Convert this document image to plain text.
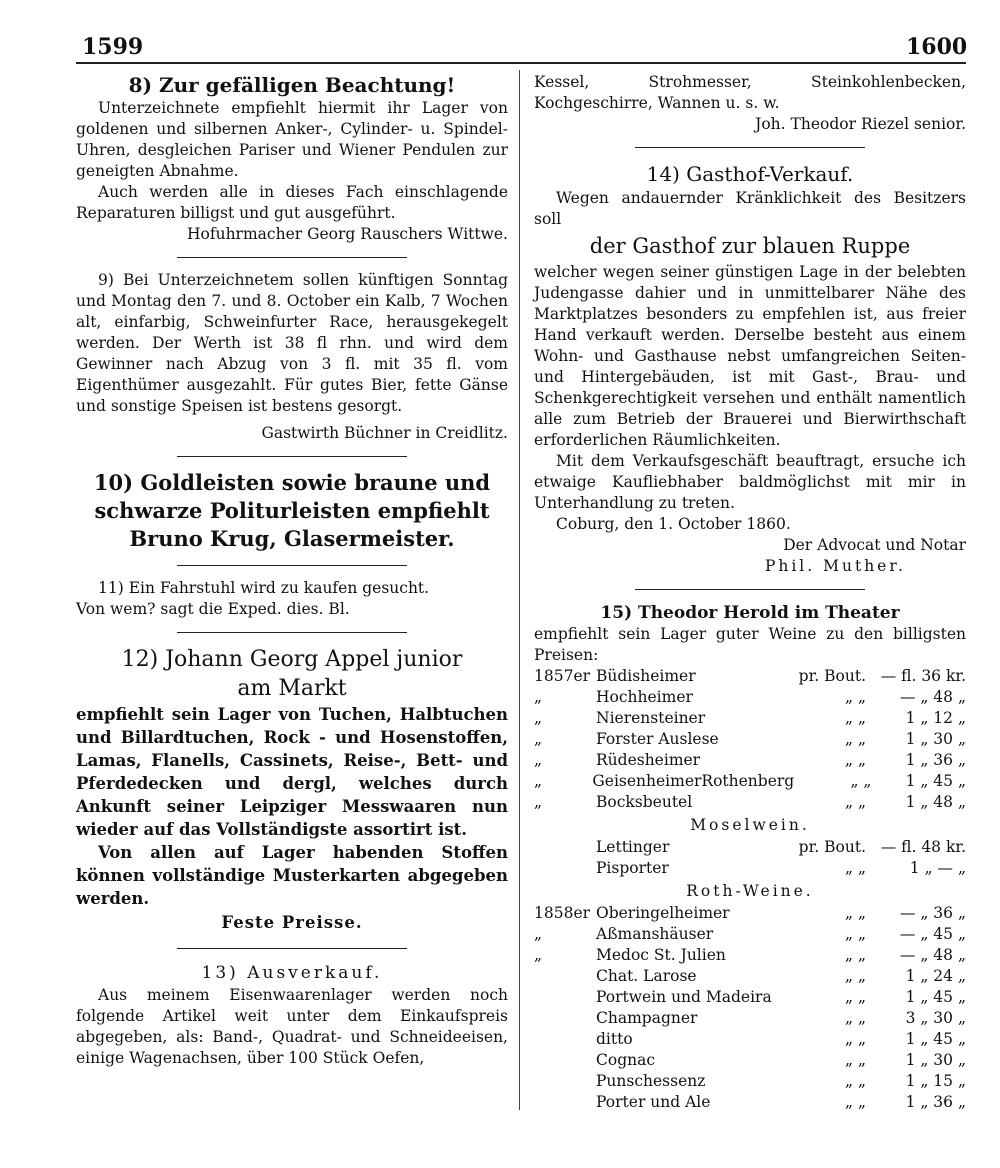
1599	1600

8) Zur gefälligen Beachtung!

Unterzeichnete empfiehlt hiermit ihr Lager von goldenen und silbernen Anker-, Cylinder- u. Spindel-Uhren, desgleichen Pariser und Wiener Pendulen zur geneigten Abnahme.

Auch werden alle in dieses Fach einschlagende Reparaturen billigst und gut ausgeführt.

Hofuhrmacher Georg Rauschers Wittwe.

9) Bei Unterzeichnetem sollen künftigen Sonntag und Montag den 7. und 8. October ein Kalb, 7 Wochen alt, einfarbig, Schweinfurter Race, herausgekegelt werden. Der Werth ist 38 fl rhn. und wird dem Gewinner nach Abzug von 3 fl. mit 35 fl. vom Eigenthümer ausgezahlt. Für gutes Bier, fette Gänse und sonstige Speisen ist bestens gesorgt.

Gastwirth Büchner in Creidlitz.

10) Goldleisten sowie braune und

schwarze Politurleisten empfiehlt

Bruno Krug, Glasermeister.

11) Ein Fahrstuhl wird zu kaufen gesucht.

Von wem? sagt die Exped. dies. Bl.

12) Johann Georg Appel junior

am Markt

empfiehlt sein Lager von Tuchen, Halbtuchen und Billardtuchen, Rock - und Hosenstoffen, Lamas, Flanells, Cassinets, Reise-, Bett- und Pferdedecken und dergl, welches durch Ankunft seiner Leipziger Messwaaren nun wieder auf das Vollständigste assortirt ist.

Von allen auf Lager habenden Stoffen können vollständige Musterkarten abgegeben werden.

Feste Preisse.

13) Ausverkauf.

Aus meinem Eisenwaarenlager werden noch folgende Artikel weit unter dem Einkaufspreis abgegeben, als: Band-, Quadrat- und Schneideeisen, einige Wagenachsen, über 100 Stück Oefen,

Kessel, Strohmesser, Steinkohlenbecken, Kochgeschirre, Wannen u. s. w.

Joh. Theodor Riezel senior.

14) Gasthof-Verkauf.

Wegen andauernder Kränklichkeit des Besitzers soll

der Gasthof zur blauen Ruppe

welcher wegen seiner günstigen Lage in der belebten Judengasse dahier und in unmittelbarer Nähe des Marktplatzes besonders zu empfehlen ist, aus freier Hand verkauft werden. Derselbe besteht aus einem Wohn- und Gasthause nebst umfangreichen Seiten- und Hintergebäuden, ist mit Gast-, Brau- und Schenkgerechtigkeit versehen und enthält namentlich alle zum Betrieb der Brauerei und Bierwirthschaft erforderlichen Räumlichkeiten.

Mit dem Verkaufsgeschäft beauftragt, ersuche ich etwaige Kaufliebhaber baldmöglichst mit mir in Unterhandlung zu treten.

Coburg, den 1. October 1860.

Der Advocat und Notar

Phil. Muther.

15) Theodor Herold im Theater

empfiehlt sein Lager guter Weine zu den billigsten Preisen:

1857er Büdisheimer	pr. Bout. — fl. 36 kr.
„	Hochheimer	„ „	— „ 48 „
„	Nierensteiner	„ „	1 „ 12 „
„	Forster Auslese	„ „	1 „ 30 „
„	Rüdesheimer	„ „	1 „ 36 „
„	GeisenheimerRothenberg	„ „	1 „ 45 „
„	Bocksbeutel	„ „	1 „ 48 „

Moselwein.

Lettinger	pr. Bout. — fl. 48 kr.
Pisporter	„ „	1 „ — „

Roth-Weine.

1858er Oberingelheimer	„ „	— „ 36 „
„	Aßmanshäuser	„ „	— „ 45 „
„	Medoc St. Julien	„ „	— „ 48 „
Chat. Larose	„ „	1 „ 24 „
Portwein und Madeira	„ „	1 „ 45 „
Champagner	„ „	3 „ 30 „
ditto	„ „	1 „ 45 „
Cognac	„ „	1 „ 30 „
Punschessenz	„ „	1 „ 15 „
Porter und Ale	„ „	1 „ 36 „
